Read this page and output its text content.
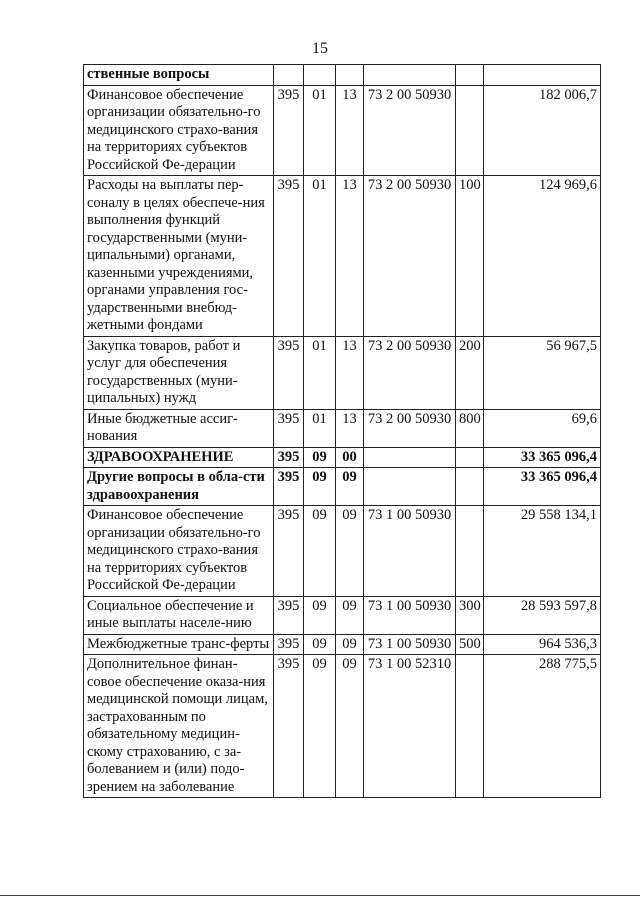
15
ственные вопросы						
Финансовое обеспечение организации обязательно-го медицинского страхо-вания на территориях субъектов Российской Фе-дерации	395	01	13	73 2 00 50930		182 006,7
Расходы на выплаты пер-соналу в целях обеспече-ния выполнения функций государственными (муни-ципальными) органами, казенными учреждениями, органами управления гос-ударственными внебюд-жетными фондами	395	01	13	73 2 00 50930	100	124 969,6
Закупка товаров, работ и услуг для обеспечения государственных (муни-ципальных) нужд	395	01	13	73 2 00 50930	200	56 967,5
Иные бюджетные ассиг-нования	395	01	13	73 2 00 50930	800	69,6
ЗДРАВООХРАНЕНИЕ	395	09	00			33 365 096,4
Другие вопросы в обла-сти здравоохранения	395	09	09			33 365 096,4
Финансовое обеспечение организации обязательно-го медицинского страхо-вания на территориях субъектов Российской Фе-дерации	395	09	09	73 1 00 50930		29 558 134,1
Социальное обеспечение и иные выплаты населе-нию	395	09	09	73 1 00 50930	300	28 593 597,8
Межбюджетные транс-ферты	395	09	09	73 1 00 50930	500	964 536,3
Дополнительное финан-совое обеспечение оказа-ния медицинской помощи лицам, застрахованным по обязательному медицин-скому страхованию, с за-болеванием и (или) подо-зрением на заболевание	395	09	09	73 1 00 52310		288 775,5
